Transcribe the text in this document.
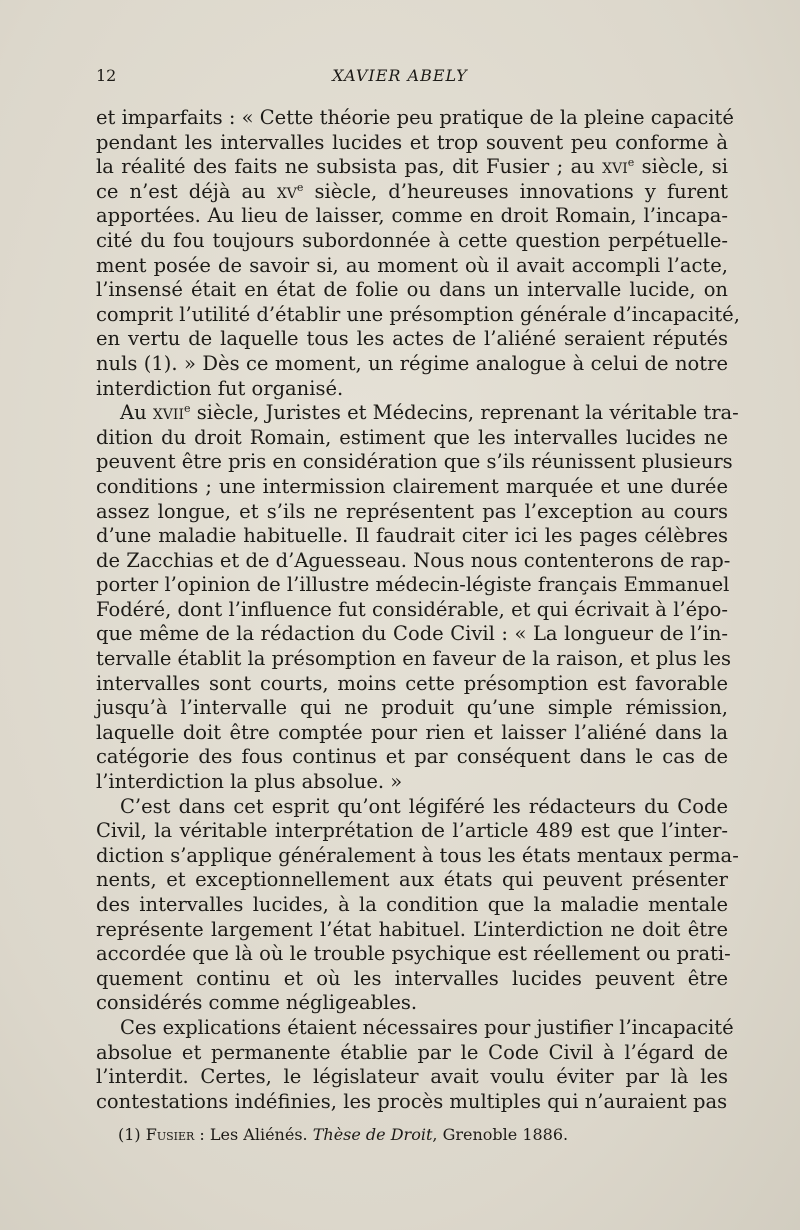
12	XAVIER ABELY
et imparfaits : « Cette théorie peu pratique de la pleine capacité
pendant les intervalles lucides et trop souvent peu conforme à
la réalité des faits ne subsista pas, dit Fusier ; au xvi$^e$ siècle, si
ce n’est déjà au $xv^e$ siècle, d’heureuses innovations y furent
apportées. Au lieu de laisser, comme en droit Romain, l’incapa-
cité du fou toujours subordonnée à cette question perpétuelle-
ment posée de savoir si, au moment où il avait accompli l’acte,
l’insensé était en état de folie ou dans un intervalle lucide, on
comprit l’utilité d’établir une présomption générale d’incapacité,
en vertu de laquelle tous les actes de l’aliéné seraient réputés
nuls (1). » Dès ce moment, un régime analogue à celui de notre
interdiction fut organisé.
Au xvii$^e$ siècle, Juristes et Médecins, reprenant la véritable tra-
dition du droit Romain, estiment que les intervalles lucides ne
peuvent être pris en considération que s’ils réunissent plusieurs
conditions ; une intermission clairement marquée et une durée
assez longue, et s’ils ne représentent pas l’exception au cours
d’une maladie habituelle. Il faudrait citer ici les pages célèbres
de Zacchias et de d’Aguesseau. Nous nous contenterons de rap-
porter l’opinion de l’illustre médecin-légiste français Emmanuel
Fodéré, dont l’influence fut considérable, et qui écrivait à l’épo-
que même de la rédaction du Code Civil : « La longueur de l’in-
tervalle établit la présomption en faveur de la raison, et plus les
intervalles sont courts, moins cette présomption est favorable
jusqu’à l’intervalle qui ne produit qu’une simple rémission,
laquelle doit être comptée pour rien et laisser l’aliéné dans la
catégorie des fous continus et par conséquent dans le cas de
l’interdiction la plus absolue. »
C’est dans cet esprit qu’ont légiféré les rédacteurs du Code
Civil, la véritable interprétation de l’article 489 est que l’inter-
diction s’applique généralement à tous les états mentaux perma-
nents, et exceptionnellement aux états qui peuvent présenter
des intervalles lucides, à la condition que la maladie mentale
représente largement l’état habituel. L’interdiction ne doit être
accordée que là où le trouble psychique est réellement ou prati-
quement continu et où les intervalles lucides peuvent être
considérés comme négligeables.
Ces explications étaient nécessaires pour justifier l’incapacité
absolue et permanente établie par le Code Civil à l’égard de
l’interdit. Certes, le législateur avait voulu éviter par là les
contestations indéfinies, les procès multiples qui n’auraient pas
(1) Fusier : Les Aliénés. Thèse de Droit, Grenoble 1886.
